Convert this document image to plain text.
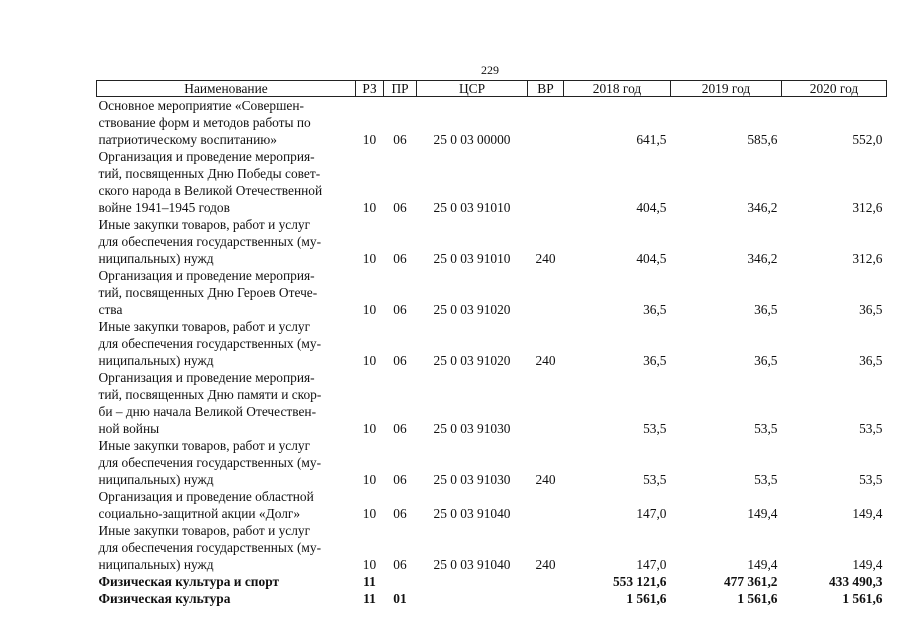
229
Наименование	РЗ	ПР	ЦСР	ВР	2018 год	2019 год	2020 год
Основное мероприятие «Совершен-
ствование форм и методов работы по
патриотическому воспитанию»	10	06	25 0 03 00000		641,5	585,6	552,0
Организация и проведение мероприя-
тий, посвященных Дню Победы совет-
ского народа в Великой Отечественной
войне 1941–1945 годов	10	06	25 0 03 91010		404,5	346,2	312,6
Иные закупки товаров, работ и услуг
для обеспечения государственных (му-
ниципальных) нужд	10	06	25 0 03 91010	240	404,5	346,2	312,6
Организация и проведение мероприя-
тий, посвященных Дню Героев Отече-
ства	10	06	25 0 03 91020		36,5	36,5	36,5
Иные закупки товаров, работ и услуг
для обеспечения государственных (му-
ниципальных) нужд	10	06	25 0 03 91020	240	36,5	36,5	36,5
Организация и проведение мероприя-
тий, посвященных Дню памяти и скор-
би – дню начала Великой Отечествен-
ной войны	10	06	25 0 03 91030		53,5	53,5	53,5
Иные закупки товаров, работ и услуг
для обеспечения государственных (му-
ниципальных) нужд	10	06	25 0 03 91030	240	53,5	53,5	53,5
Организация и проведение областной
социально-защитной акции «Долг»	10	06	25 0 03 91040		147,0	149,4	149,4
Иные закупки товаров, работ и услуг
для обеспечения государственных (му-
ниципальных) нужд	10	06	25 0 03 91040	240	147,0	149,4	149,4
Физическая культура и спорт	11				553 121,6	477 361,2	433 490,3
Физическая культура	11	01			1 561,6	1 561,6	1 561,6
